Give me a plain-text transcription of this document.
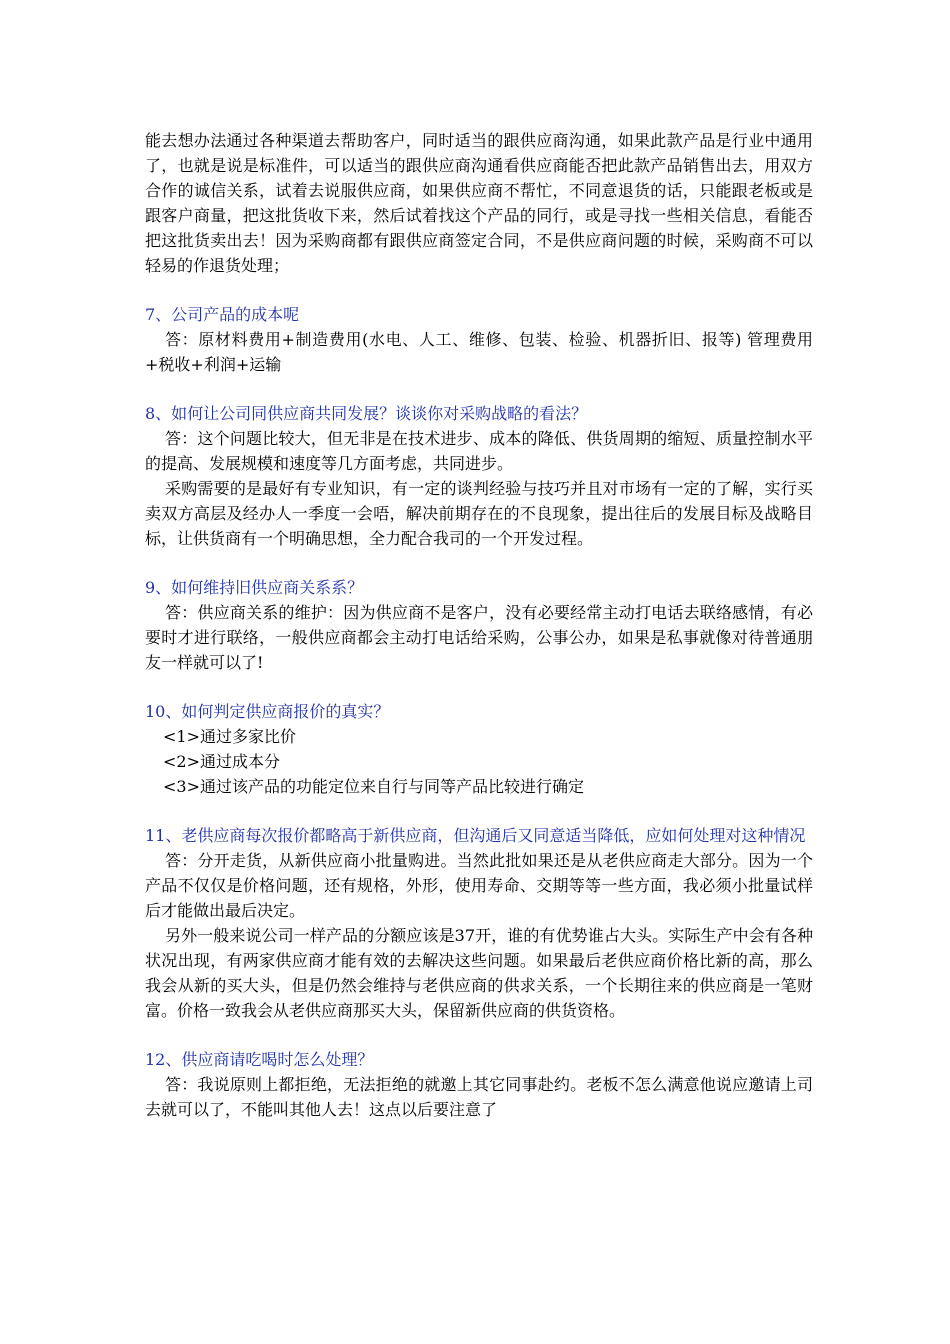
能去想办法通过各种渠道去帮助客户，同时适当的跟供应商沟通，如果此款产品是行业中通用了，也就是说是标准件，可以适当的跟供应商沟通看供应商能否把此款产品销售出去，用双方合作的诚信关系，试着去说服供应商，如果供应商不帮忙，不同意退货的话，只能跟老板或是跟客户商量，把这批货收下来，然后试着找这个产品的同行，或是寻找一些相关信息，看能否把这批货卖出去！因为采购商都有跟供应商签定合同，不是供应商问题的时候，采购商不可以轻易的作退货处理；

7、公司产品的成本呢

答：原材料费用+制造费用(水电、人工、维修、包装、检验、机器折旧、报等) 管理费用+税收+利润+运输

8、如何让公司同供应商共同发展？谈谈你对采购战略的看法？

答：这个问题比较大，但无非是在技术进步、成本的降低、供货周期的缩短、质量控制水平的提高、发展规模和速度等几方面考虑，共同进步。

采购需要的是最好有专业知识，有一定的谈判经验与技巧并且对市场有一定的了解，实行买卖双方高层及经办人一季度一会唔，解决前期存在的不良现象，提出往后的发展目标及战略目标，让供货商有一个明确思想，全力配合我司的一个开发过程。

9、如何维持旧供应商关系系？

答：供应商关系的维护：因为供应商不是客户，没有必要经常主动打电话去联络感情，有必要时才进行联络，一般供应商都会主动打电话给采购，公事公办，如果是私事就像对待普通朋友一样就可以了!

10、如何判定供应商报价的真实？

<1>通过多家比价

<2>通过成本分

<3>通过该产品的功能定位来自行与同等产品比较进行确定

11、老供应商每次报价都略高于新供应商，但沟通后又同意适当降低，应如何处理对这种情况

答：分开走货，从新供应商小批量购进。当然此批如果还是从老供应商走大部分。因为一个产品不仅仅是价格问题，还有规格，外形，使用寿命、交期等等一些方面，我必须小批量试样后才能做出最后决定。

另外一般来说公司一样产品的分额应该是37开，谁的有优势谁占大头。实际生产中会有各种状况出现，有两家供应商才能有效的去解决这些问题。如果最后老供应商价格比新的高，那么我会从新的买大头，但是仍然会维持与老供应商的供求关系，一个长期往来的供应商是一笔财富。价格一致我会从老供应商那买大头，保留新供应商的供货资格。

12、供应商请吃喝时怎么处理？

答：我说原则上都拒绝，无法拒绝的就邀上其它同事赴约。老板不怎么满意他说应邀请上司去就可以了，不能叫其他人去！这点以后要注意了
